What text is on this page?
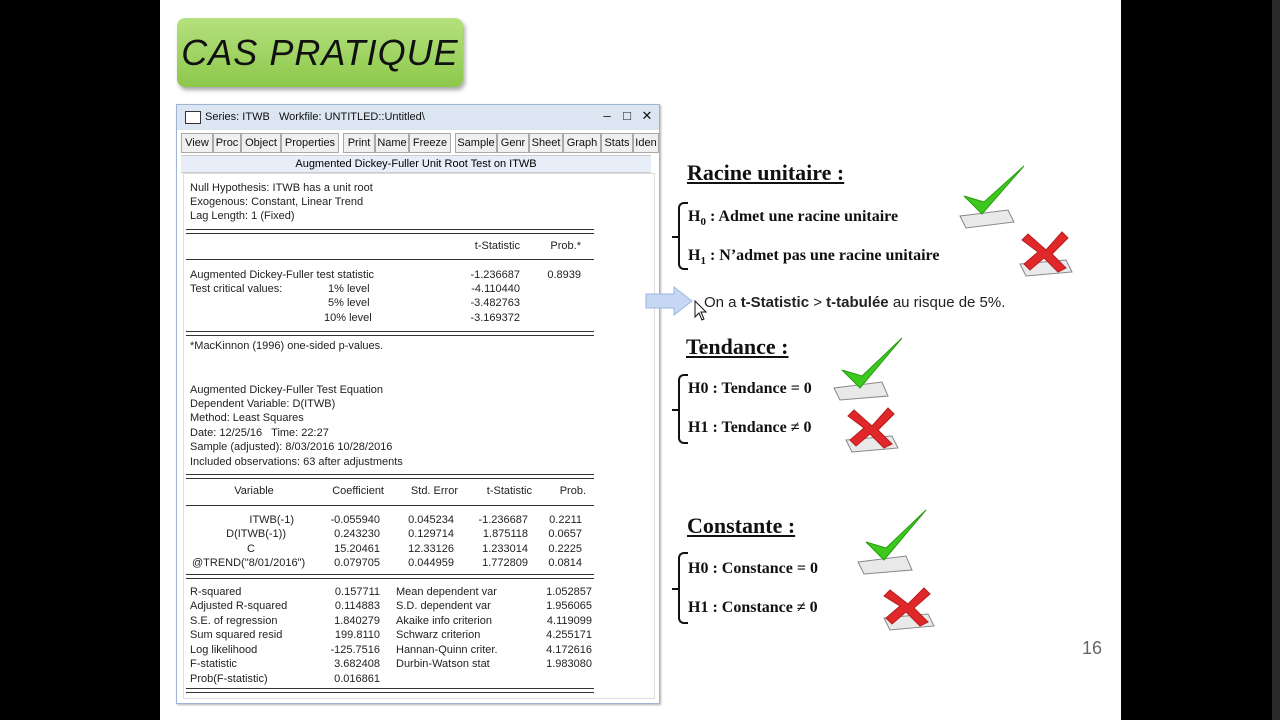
CAS PRATIQUE
Series: ITWB   Workfile: UNTITLED::Untitled\	– □ ✕
View Proc Object Properties	Print Name Freeze Sample Genr Sheet Graph Stats Iden
Augmented Dickey-Fuller Unit Root Test on ITWB
Null Hypothesis: ITWB has a unit root
Exogenous: Constant, Linear Trend
Lag Length: 1 (Fixed)
t-Statistic	Prob.*
Augmented Dickey-Fuller test statistic	-1.236687	0.8939
Test critical values:	1% level	-4.110440
5% level	-3.482763
10% level	-3.169372
*MacKinnon (1996) one-sided p-values.
Augmented Dickey-Fuller Test Equation
Dependent Variable: D(ITWB)
Method: Least Squares
Date: 12/25/16   Time: 22:27
Sample (adjusted): 8/03/2016 10/28/2016
Included observations: 63 after adjustments
Variable	Coefficient	Std. Error	t-Statistic	Prob.
ITWB(-1)	-0.055940	0.045234	-1.236687	0.2211
D(ITWB(-1))	0.243230	0.129714	1.875118	0.0657
C	15.20461	12.33126	1.233014	0.2225
@TREND("8/01/2016")	0.079705	0.044959	1.772809	0.0814
R-squared	0.157711 Mean dependent var	1.052857
Adjusted R-squared	0.114883 S.D. dependent var	1.956065
S.E. of regression	1.840279 Akaike info criterion	4.119099
Sum squared resid	199.8110 Schwarz criterion	4.255171
Log likelihood	-125.7516 Hannan-Quinn criter.	4.172616
F-statistic	3.682408 Durbin-Watson stat	1.983080
Prob(F-statistic)	0.016861
Racine unitaire :
$H_0$ : Admet une racine unitaire
$H_1$ : N’admet pas une racine unitaire
On a t-Statistic > t-tabulée au risque de 5%.
Tendance :
H0 : Tendance = 0
H1 : Tendance ≠ 0
Constante :
H0 : Constance = 0
H1 : Constance ≠ 0
16
